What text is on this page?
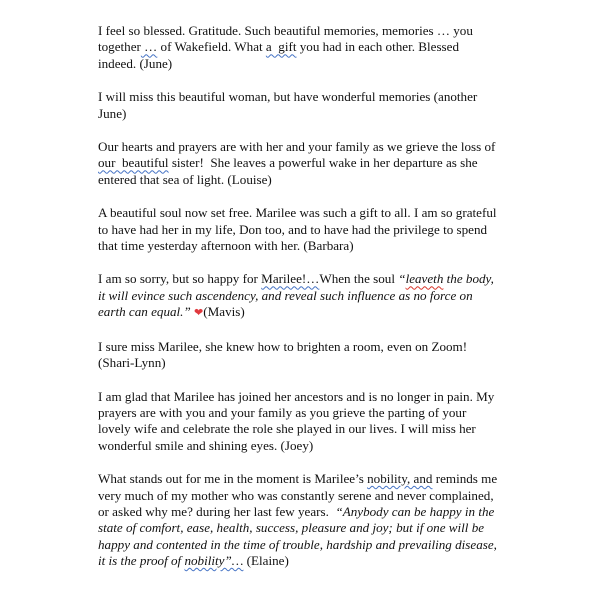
I feel so blessed. Gratitude. Such beautiful memories, memories … you together … of Wakefield. What a  gift you had in each other. Blessed indeed. (June)

I will miss this beautiful woman, but have wonderful memories (another June)

Our hearts and prayers are with her and your family as we grieve the loss of our  beautiful sister!  She leaves a powerful wake in her departure as she entered that sea of light. (Louise)

A beautiful soul now set free. Marilee was such a gift to all. I am so grateful to have had her in my life, Don too, and to have had the privilege to spend that time yesterday afternoon with her. (Barbara)

I am so sorry, but so happy for Marilee!…When the soul “leaveth the body, it will evince such ascendency, and reveal such influence as no force on earth can equal.” ❤(Mavis)

I sure miss Marilee, she knew how to brighten a room, even on Zoom! (Shari-Lynn)

I am glad that Marilee has joined her ancestors and is no longer in pain. My prayers are with you and your family as you grieve the parting of your lovely wife and celebrate the role she played in our lives. I will miss her wonderful smile and shining eyes. (Joey)

What stands out for me in the moment is Marilee’s nobility, and reminds me very much of my mother who was constantly serene and never complained, or asked why me? during her last few years.  “Anybody can be happy in the state of comfort, ease, health, success, pleasure and joy; but if one will be happy and contented in the time of trouble, hardship and prevailing disease, it is the proof of nobility”… (Elaine)
